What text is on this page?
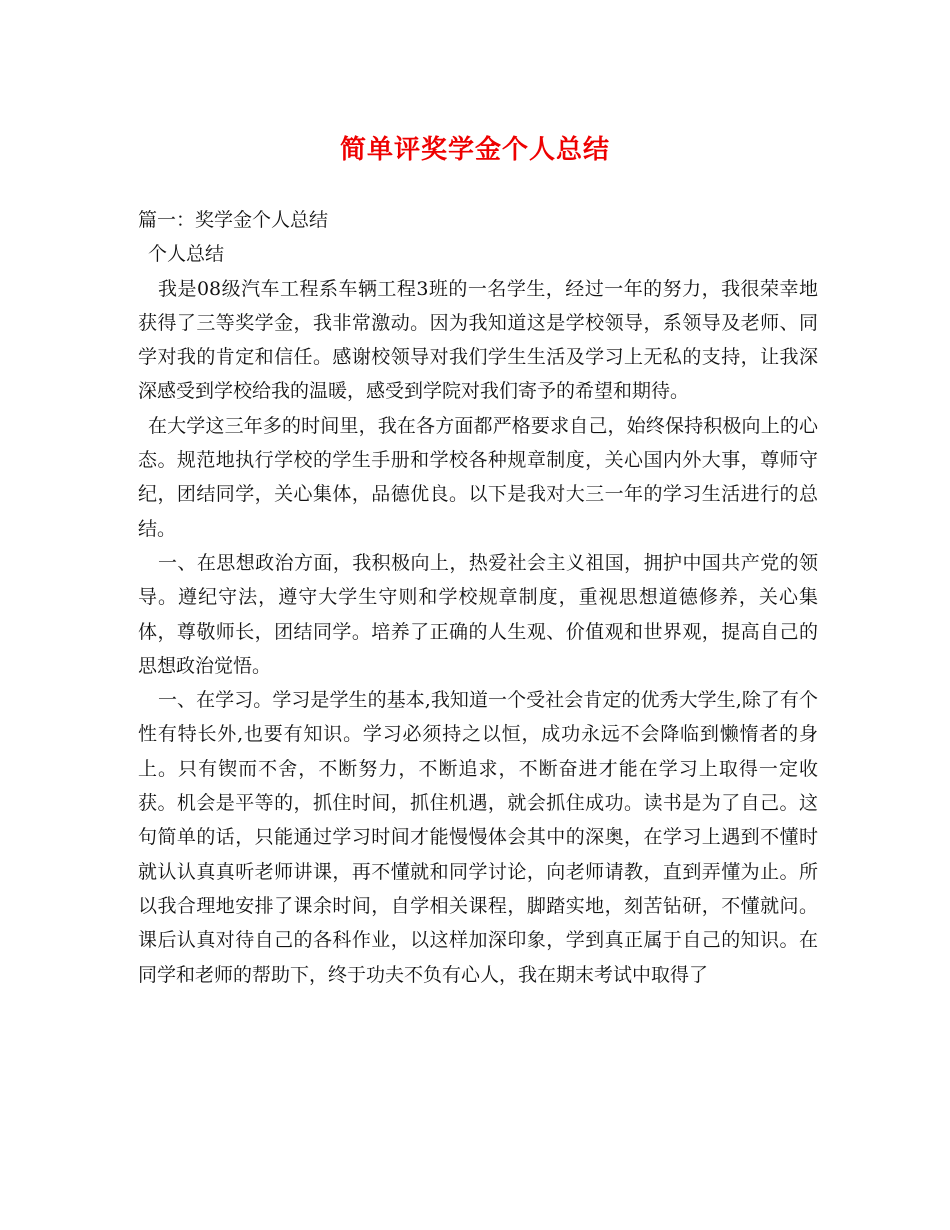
简单评奖学金个人总结

篇一：奖学金个人总结

个人总结

我是08级汽车工程系车辆工程3班的一名学生，经过一年的努力，我很荣幸地获得了三等奖学金，我非常激动。因为我知道这是学校领导，系领导及老师、同学对我的肯定和信任。感谢校领导对我们学生生活及学习上无私的支持，让我深深感受到学校给我的温暖，感受到学院对我们寄予的希望和期待。

在大学这三年多的时间里，我在各方面都严格要求自己，始终保持积极向上的心态。规范地执行学校的学生手册和学校各种规章制度，关心国内外大事，尊师守纪，团结同学，关心集体，品德优良。以下是我对大三一年的学习生活进行的总结。

一、在思想政治方面，我积极向上，热爱社会主义祖国，拥护中国共产党的领导。遵纪守法，遵守大学生守则和学校规章制度，重视思想道德修养，关心集体，尊敬师长，团结同学。培养了正确的人生观、价值观和世界观，提高自己的思想政治觉悟。

一、在学习。学习是学生的基本,我知道一个受社会肯定的优秀大学生,除了有个性有特长外,也要有知识。学习必须持之以恒，成功永远不会降临到懒惰者的身上。只有锲而不舍，不断努力，不断追求，不断奋进才能在学习上取得一定收获。机会是平等的，抓住时间，抓住机遇，就会抓住成功。读书是为了自己。这句简单的话，只能通过学习时间才能慢慢体会其中的深奥，在学习上遇到不懂时就认认真真听老师讲课，再不懂就和同学讨论，向老师请教，直到弄懂为止。所以我合理地安排了课余时间，自学相关课程，脚踏实地，刻苦钻研，不懂就问。课后认真对待自己的各科作业，以这样加深印象，学到真正属于自己的知识。在同学和老师的帮助下，终于功夫不负有心人，我在期末考试中取得了
